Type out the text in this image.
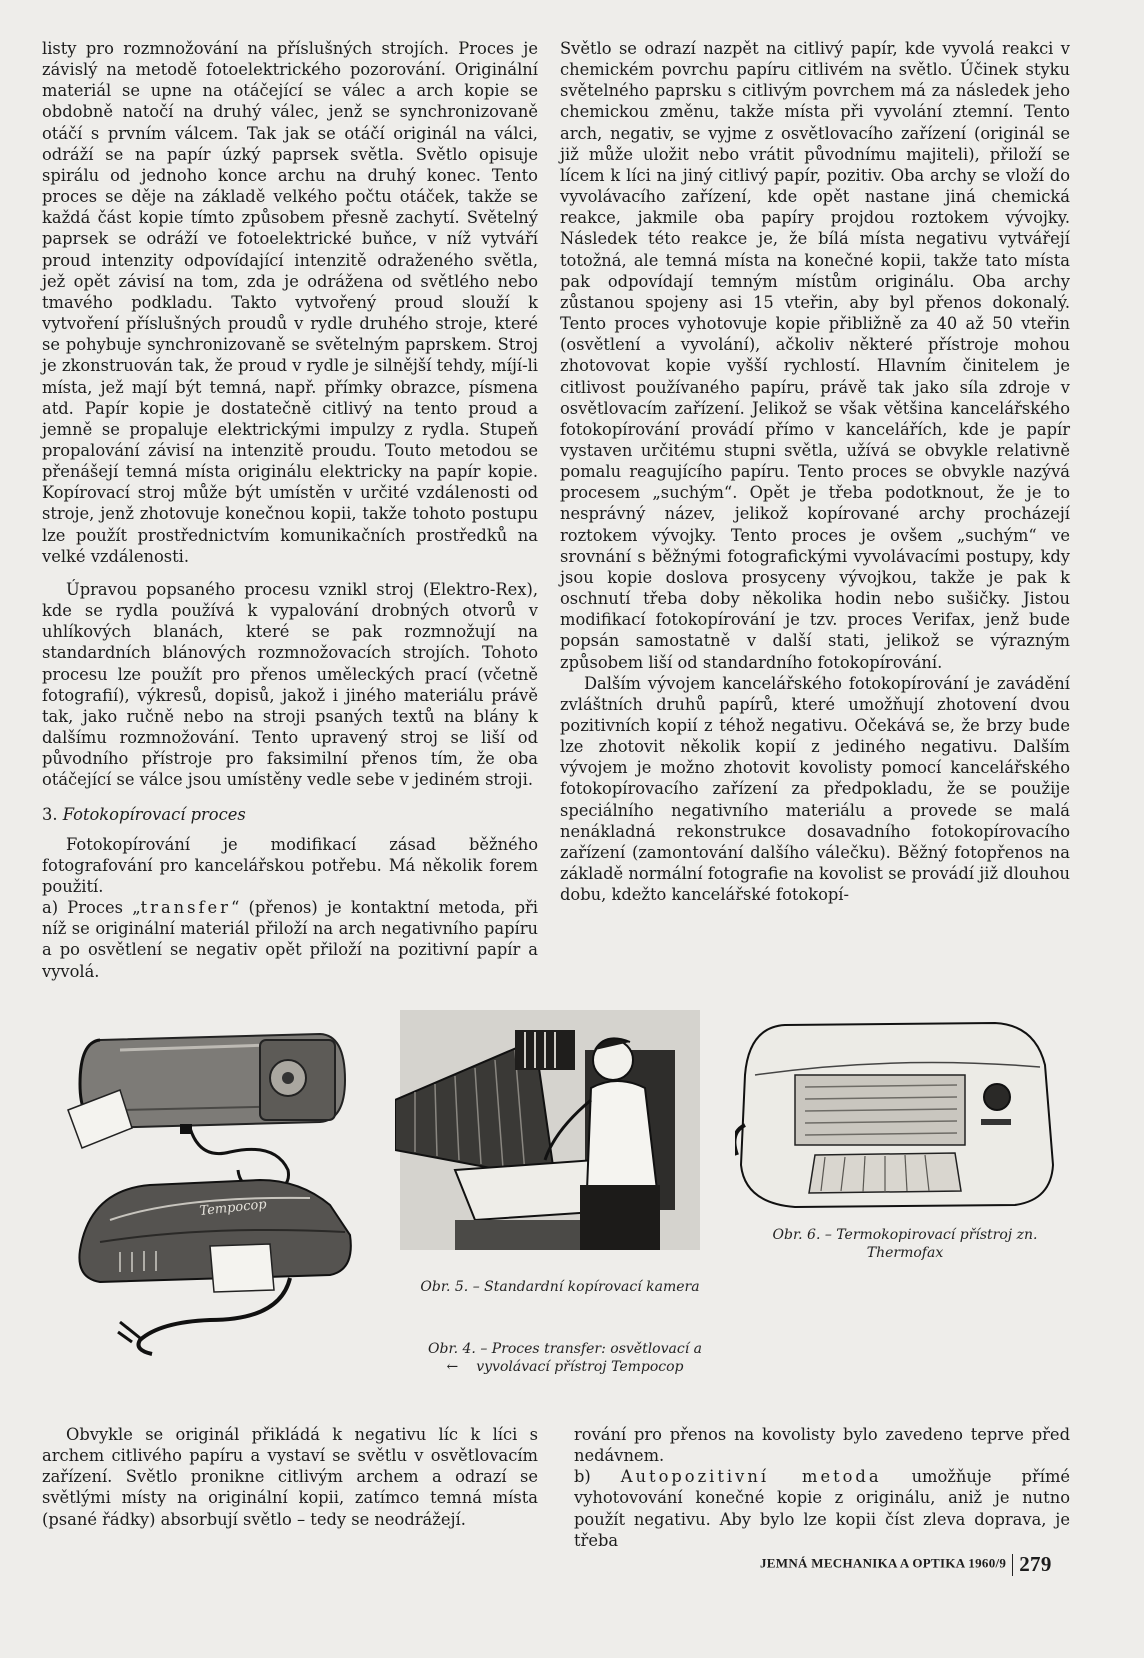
listy pro rozmnožování na příslušných strojích. Proces je závislý na metodě fotoelektrického pozorování. Originální materiál se upne na otáčející se válec a arch kopie se obdobně natočí na druhý válec, jenž se synchronizovaně otáčí s prvním válcem. Tak jak se otáčí originál na válci, odráží se na papír úzký paprsek světla. Světlo opisuje spirálu od jednoho konce archu na druhý konec. Tento proces se děje na základě velkého počtu otáček, takže se každá část kopie tímto způsobem přesně zachytí. Světelný paprsek se odráží ve fotoelektrické buňce, v níž vytváří proud intenzity odpovídající intenzitě odraženého světla, jež opět závisí na tom, zda je odrážena od světlého nebo tmavého podkladu. Takto vytvořený proud slouží k vytvoření příslušných proudů v rydle druhého stroje, které se pohybuje synchronizovaně se světelným paprskem. Stroj je zkonstruován tak, že proud v rydle je silnější tehdy, míjí-li místa, jež mají být temná, např. přímky obrazce, písmena atd. Papír kopie je dostatečně citlivý na tento proud a jemně se propaluje elektrickými impulzy z rydla. Stupeň propalování závisí na intenzitě proudu. Touto metodou se přenášejí temná místa originálu elektricky na papír kopie. Kopírovací stroj může být umístěn v určité vzdálenosti od stroje, jenž zhotovuje konečnou kopii, takže tohoto postupu lze použít prostřednictvím komunikačních prostředků na velké vzdálenosti.

Úpravou popsaného procesu vznikl stroj (Elektro-Rex), kde se rydla používá k vypalování drobných otvorů v uhlíkových blanách, které se pak rozmnožují na standardních blánových rozmnožovacích strojích. Tohoto procesu lze použít pro přenos uměleckých prací (včetně fotografií), výkresů, dopisů, jakož i jiného materiálu právě tak, jako ručně nebo na stroji psaných textů na blány k dalšímu rozmnožování. Tento upravený stroj se liší od původního přístroje pro faksimilní přenos tím, že oba otáčející se válce jsou umístěny vedle sebe v jediném stroji.

3. Fotokopírovací proces

Fotokopírování je modifikací zásad běžného fotografování pro kancelářskou potřebu. Má několik forem použití.

a) Proces „transfer“ (přenos) je kontaktní metoda, při níž se originální materiál přiloží na arch negativního papíru a po osvětlení se negativ opět přiloží na pozitivní papír a vyvolá.

Světlo se odrazí nazpět na citlivý papír, kde vyvolá reakci v chemickém povrchu papíru citlivém na světlo. Účinek styku světelného paprsku s citlivým povrchem má za následek jeho chemickou změnu, takže místa při vyvolání ztemní. Tento arch, negativ, se vyjme z osvětlovacího zařízení (originál se již může uložit nebo vrátit původnímu majiteli), přiloží se lícem k líci na jiný citlivý papír, pozitiv. Oba archy se vloží do vyvolávacího zařízení, kde opět nastane jiná chemická reakce, jakmile oba papíry projdou roztokem vývojky. Následek této reakce je, že bílá místa negativu vytvářejí totožná, ale temná místa na konečné kopii, takže tato místa pak odpovídají temným místům originálu. Oba archy zůstanou spojeny asi 15 vteřin, aby byl přenos dokonalý. Tento proces vyhotovuje kopie přibližně za 40 až 50 vteřin (osvětlení a vyvolání), ačkoliv některé přístroje mohou zhotovovat kopie vyšší rychlostí. Hlavním činitelem je citlivost používaného papíru, právě tak jako síla zdroje v osvětlovacím zařízení. Jelikož se však většina kancelářského fotokopírování provádí přímo v kancelářích, kde je papír vystaven určitému stupni světla, užívá se obvykle relativně pomalu reagujícího papíru. Tento proces se obvykle nazývá procesem „suchým“. Opět je třeba podotknout, že je to nesprávný název, jelikož kopírované archy procházejí roztokem vývojky. Tento proces je ovšem „suchým“ ve srovnání s běžnými fotografickými vyvolávacími postupy, kdy jsou kopie doslova prosyceny vývojkou, takže je pak k oschnutí třeba doby několika hodin nebo sušičky. Jistou modifikací fotokopírování je tzv. proces Verifax, jenž bude popsán samostatně v další stati, jelikož se výrazným způsobem liší od standardního fotokopírování.

Dalším vývojem kancelářského fotokopírování je zavádění zvláštních druhů papírů, které umožňují zhotovení dvou pozitivních kopií z téhož negativu. Očekává se, že brzy bude lze zhotovit několik kopií z jediného negativu. Dalším vývojem je možno zhotovit kovolisty pomocí kancelářského fotokopírovacího zařízení za předpokladu, že se použije speciálního negativního materiálu a provede se malá nenákladná rekonstrukce dosavadního fotokopírovacího zařízení (zamontování dalšího válečku). Běžný fotopřenos na základě normální fotografie na kovolist se provádí již dlouhou dobu, kdežto kancelářské fotokopí-

Tempocop
Obr. 6. – Termokopirovací přístroj zn.
Thermofax
Obr. 5. – Standardní kopírovací kamera
Obr. 4. – Proces transfer: osvětlovací a
← vyvolávací přístroj Tempocop

Obvykle se originál přikládá k negativu líc k líci s archem citlivého papíru a vystaví se světlu v osvětlovacím zařízení. Světlo pronikne citlivým archem a odrazí se světlými místy na originální kopii, zatímco temná místa (psané řádky) absorbují světlo – tedy se neodrážejí.

rování pro přenos na kovolisty bylo zavedeno teprve před nedávnem.

b) Autopozitivní metoda umožňuje přímé vyhotovování konečné kopie z originálu, aniž je nutno použít negativu. Aby bylo lze kopii číst zleva doprava, je třeba

JEMNÁ MECHANIKA A OPTIKA 1960/9 279
